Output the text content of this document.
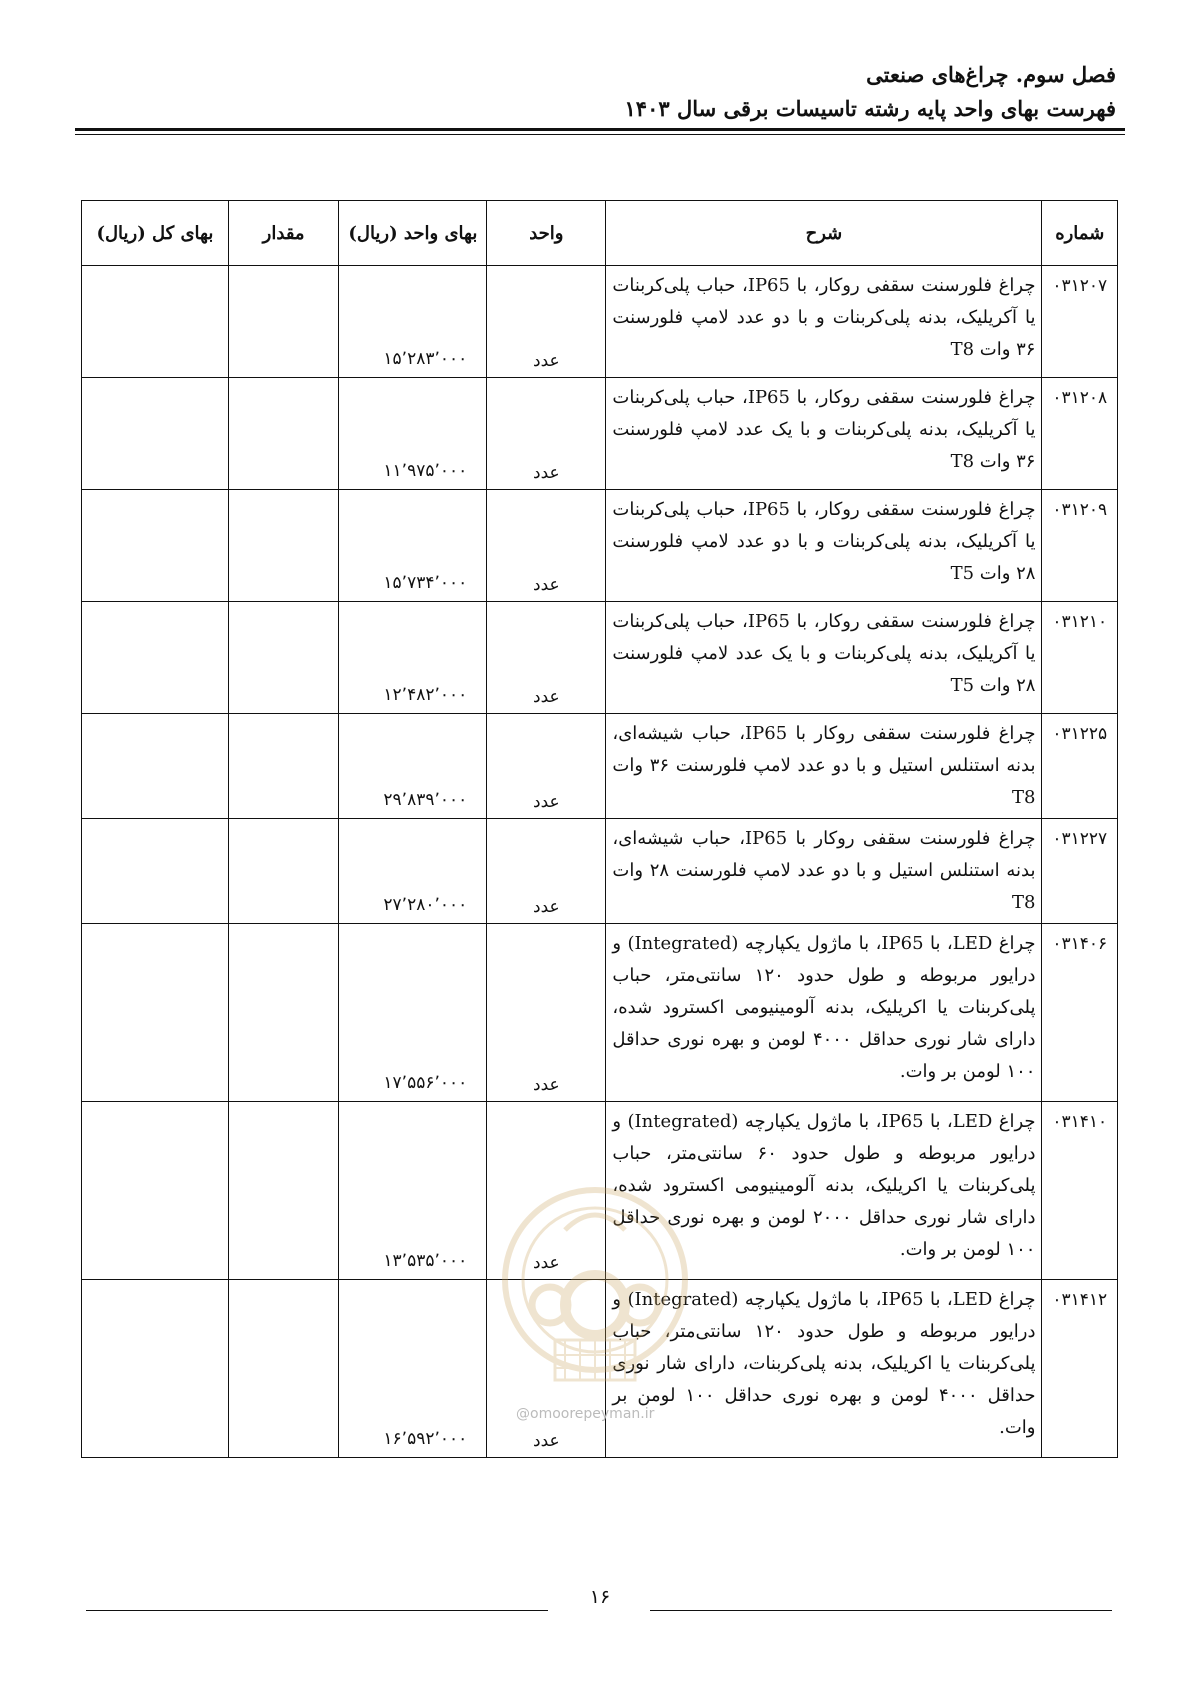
فصل سوم. چراغ‌های صنعتی
فهرست بهای واحد پایه رشته تاسیسات برقی سال ۱۴۰۳
شماره	شرح	واحد	بهای واحد (ریال)	مقدار	بهای کل (ریال)
۰۳۱۲۰۷	چراغ فلورسنت سقفی روکار، با IP65، حباب پلی‌کربنات یا آکریلیک، بدنه پلی‌کربنات و با دو عدد لامپ فلورسنت ۳۶ وات T8	عدد	۱۵٬۲۸۳٬۰۰۰		
۰۳۱۲۰۸	چراغ فلورسنت سقفی روکار، با IP65، حباب پلی‌کربنات یا آکریلیک، بدنه پلی‌کربنات و با یک عدد لامپ فلورسنت ۳۶ وات T8	عدد	۱۱٬۹۷۵٬۰۰۰		
۰۳۱۲۰۹	چراغ فلورسنت سقفی روکار، با IP65، حباب پلی‌کربنات یا آکریلیک، بدنه پلی‌کربنات و با دو عدد لامپ فلورسنت ۲۸ وات T5	عدد	۱۵٬۷۳۴٬۰۰۰		
۰۳۱۲۱۰	چراغ فلورسنت سقفی روکار، با IP65، حباب پلی‌کربنات یا آکریلیک، بدنه پلی‌کربنات و با یک عدد لامپ فلورسنت ۲۸ وات T5	عدد	۱۲٬۴۸۲٬۰۰۰		
۰۳۱۲۲۵	چراغ فلورسنت سقفی روکار با IP65، حباب شیشه‌ای، بدنه استنلس استیل و با دو عدد لامپ فلورسنت ۳۶ وات T8	عدد	۲۹٬۸۳۹٬۰۰۰		
۰۳۱۲۲۷	چراغ فلورسنت سقفی روکار با IP65، حباب شیشه‌ای، بدنه استنلس استیل و با دو عدد لامپ فلورسنت ۲۸ وات T8	عدد	۲۷٬۲۸۰٬۰۰۰		
۰۳۱۴۰۶	چراغ LED، با IP65، با ماژول یکپارچه (Integrated) و درایور مربوطه و طول حدود ۱۲۰ سانتی‌متر، حباب پلی‌کربنات یا اکریلیک، بدنه آلومینیومی اکسترود شده، دارای شار نوری حداقل ۴۰۰۰ لومن و بهره نوری حداقل ۱۰۰ لومن بر وات.	عدد	۱۷٬۵۵۶٬۰۰۰		
۰۳۱۴۱۰	چراغ LED، با IP65، با ماژول یکپارچه (Integrated) و درایور مربوطه و طول حدود ۶۰ سانتی‌متر، حباب پلی‌کربنات یا اکریلیک، بدنه آلومینیومی اکسترود شده، دارای شار نوری حداقل ۲۰۰۰ لومن و بهره نوری حداقل ۱۰۰ لومن بر وات.	عدد	۱۳٬۵۳۵٬۰۰۰		
۰۳۱۴۱۲	چراغ LED، با IP65، با ماژول یکپارچه (Integrated) و درایور مربوطه و طول حدود ۱۲۰ سانتی‌متر، حباب پلی‌کربنات یا اکریلیک، بدنه پلی‌کربنات، دارای شار نوری حداقل ۴۰۰۰ لومن و بهره نوری حداقل ۱۰۰ لومن بر وات.	عدد	۱۶٬۵۹۲٬۰۰۰		
@omoorepeyman.ir
۱۶
